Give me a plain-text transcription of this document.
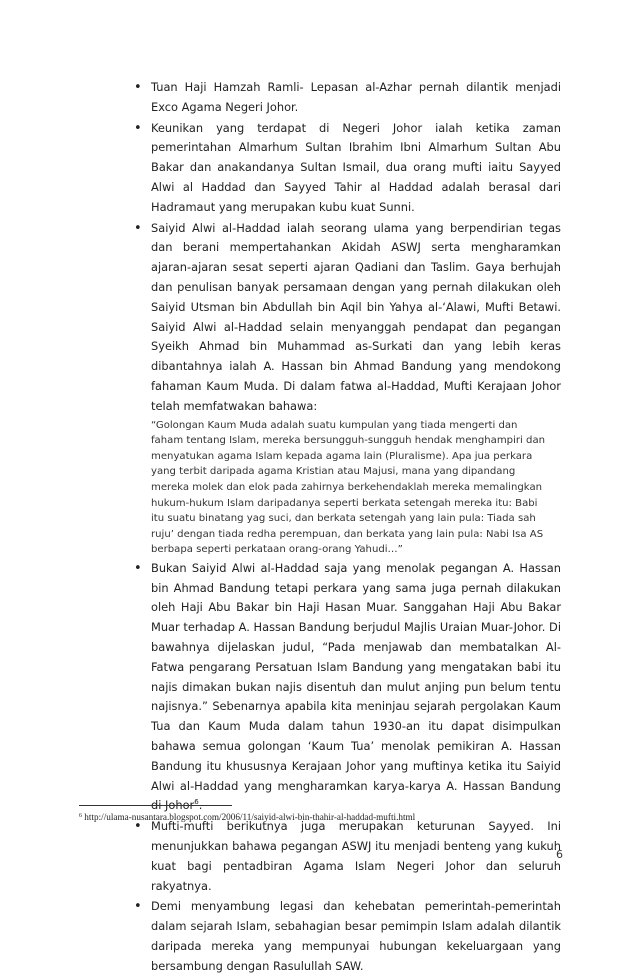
• Tuan Haji Hamzah Ramli- Lepasan al-Azhar pernah dilantik menjadi Exco Agama Negeri Johor.
• Keunikan yang terdapat di Negeri Johor ialah ketika zaman pemerintahan Almarhum Sultan Ibrahim Ibni Almarhum Sultan Abu Bakar dan anakandanya Sultan Ismail, dua orang mufti iaitu Sayyed Alwi al Haddad dan Sayyed Tahir al Haddad adalah berasal dari Hadramaut yang merupakan kubu kuat Sunni.
• Saiyid Alwi al-Haddad ialah seorang ulama yang berpendirian tegas dan berani mempertahankan Akidah ASWJ serta mengharamkan ajaran-ajaran sesat seperti ajaran Qadiani dan Taslim. Gaya berhujah dan penulisan banyak persamaan dengan yang pernah dilakukan oleh Saiyid Utsman bin Abdullah bin Aqil bin Yahya al-‘Alawi, Mufti Betawi. Saiyid Alwi al-Haddad selain menyanggah pendapat dan pegangan Syeikh Ahmad bin Muhammad as-Surkati dan yang lebih keras dibantahnya ialah A. Hassan bin Ahmad Bandung yang mendokong fahaman Kaum Muda. Di dalam fatwa al-Haddad, Mufti Kerajaan Johor telah memfatwakan bahawa:
“Golongan Kaum Muda adalah suatu kumpulan yang tiada mengerti dan
faham tentang Islam, mereka bersungguh-sungguh hendak menghampiri dan
menyatukan agama Islam kepada agama lain (Pluralisme). Apa jua perkara
yang terbit daripada agama Kristian atau Majusi, mana yang dipandang
mereka molek dan elok pada zahirnya berkehendaklah mereka memalingkan
hukum-hukum Islam daripadanya seperti berkata setengah mereka itu: Babi
itu suatu binatang yag suci, dan berkata setengah yang lain pula: Tiada sah
ruju’ dengan tiada redha perempuan, dan berkata yang lain pula: Nabi Isa AS
berbapa seperti perkataan orang-orang Yahudi…”
• Bukan Saiyid Alwi al-Haddad saja yang menolak pegangan A. Hassan bin Ahmad Bandung tetapi perkara yang sama juga pernah dilakukan oleh Haji Abu Bakar bin Haji Hasan Muar. Sanggahan Haji Abu Bakar Muar terhadap A. Hassan Bandung berjudul Majlis Uraian Muar-Johor. Di bawahnya dijelaskan judul, “Pada menjawab dan membatalkan Al-Fatwa pengarang Persatuan Islam Bandung yang mengatakan babi itu najis dimakan bukan najis disentuh dan mulut anjing pun belum tentu najisnya.” Sebenarnya apabila kita meninjau sejarah pergolakan Kaum Tua dan Kaum Muda dalam tahun 1930-an itu dapat disimpulkan bahawa semua golongan ‘Kaum Tua’ menolak pemikiran A. Hassan Bandung itu khususnya Kerajaan Johor yang muftinya ketika itu Saiyid Alwi al-Haddad yang mengharamkan karya-karya A. Hassan Bandung di Johor$^6$.
• Mufti-mufti berikutnya juga merupakan keturunan Sayyed. Ini menunjukkan bahawa pegangan ASWJ itu menjadi benteng yang kukuh kuat bagi pentadbiran Agama Islam Negeri Johor dan seluruh rakyatnya.
• Demi menyambung legasi dan kehebatan pemerintah-pemerintah dalam sejarah Islam, sebahagian besar pemimpin Islam adalah dilantik daripada mereka yang mempunyai hubungan kekeluargaan yang bersambung dengan Rasulullah SAW.
$^6$ http://ulama-nusantara.blogspot.com/2006/11/saiyid-alwi-bin-thahir-al-haddad-mufti.html
6
